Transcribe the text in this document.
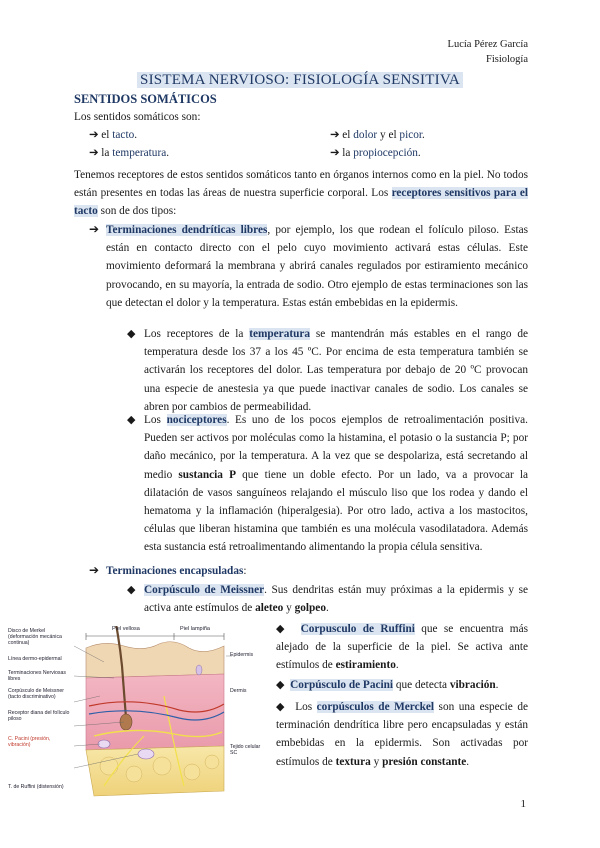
Lucía Pérez García
Fisiología
SISTEMA NERVIOSO: FISIOLOGÍA SENSITIVA
SENTIDOS SOMÁTICOS
Los sentidos somáticos son:
➔ el tacto.
➔ la temperatura.
➔ el dolor y el picor.
➔ la propiocepción.
Tenemos receptores de estos sentidos somáticos tanto en órganos internos como en la piel. No todos están presentes en todas las áreas de nuestra superficie corporal. Los receptores sensitivos para el tacto son de dos tipos:
➔ Terminaciones dendríticas libres, por ejemplo, los que rodean el folículo piloso. Estas están en contacto directo con el pelo cuyo movimiento activará estas células. Este movimiento deformará la membrana y abrirá canales regulados por estiramiento mecánico provocando, en su mayoría, la entrada de sodio. Otro ejemplo de estas terminaciones son las que detectan el dolor y la temperatura. Estas están embebidas en la epidermis.
◆ Los receptores de la temperatura se mantendrán más estables en el rango de temperatura desde los 37 a los 45 ºC. Por encima de esta temperatura también se activarán los receptores del dolor. Las temperatura por debajo de 20 ºC provocan una especie de anestesia ya que puede inactivar canales de sodio. Los canales se abren por cambios de permeabilidad.
◆ Los nociceptores. Es uno de los pocos ejemplos de retroalimentación positiva. Pueden ser activos por moléculas como la histamina, el potasio o la sustancia P; por daño mecánico, por la temperatura. A la vez que se despolariza, está secretando al medio sustancia P que tiene un doble efecto. Por un lado, va a provocar la dilatación de vasos sanguíneos relajando el músculo liso que los rodea y dando el hematoma y la inflamación (hiperalgesia). Por otro lado, activa a los mastocitos, células que liberan histamina que también es una molécula vasodilatadora. Además esta sustancia está retroalimentando alimentando la propia célula sensitiva.
➔ Terminaciones encapsuladas:
◆ Corpúsculo de Meissner. Sus dendritas están muy próximas a la epidermis y se activa ante estímulos de aleteo y golpeo.
◆ Corpusculo de Ruffini que se encuentra más alejado de la superficie de la piel. Se activa ante estímulos de estiramiento.
◆ Corpúsculo de Pacini que detecta vibración.
◆ Los corpúsculos de Merckel son una especie de terminación dendrítica libre pero encapsuladas y están embebidas en la epidermis. Son activadas por estímulos de textura y presión constante.
Piel vellosa	Piel lampiña
Disco de Merkel (deformación mecánica continua)
Línea dermo-epidermal
Terminaciones Nerviosas libres
Corpúsculo de Meissner (tacto discriminativo)
Receptor diana del folículo piloso
C. Pacini (presión, vibración)
T. de Ruffini (distensión)
Epidermis
Dermis
Tejido celular SC
1
